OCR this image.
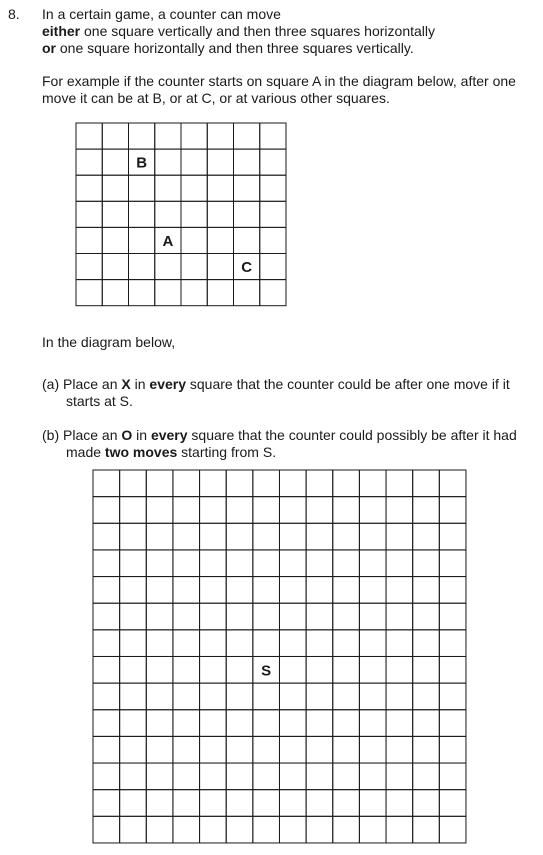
8. In a certain game, a counter can move
either one square vertically and then three squares horizontally
or one square horizontally and then three squares vertically.
For example if the counter starts on square A in the diagram below, after one
move it can be at B, or at C, or at various other squares.
In the diagram below,
(a) Place an X in every square that the counter could be after one move if it
starts at S.
(b) Place an O in every square that the counter could possibly be after it had
made two moves starting from S.
B
A
C
S
